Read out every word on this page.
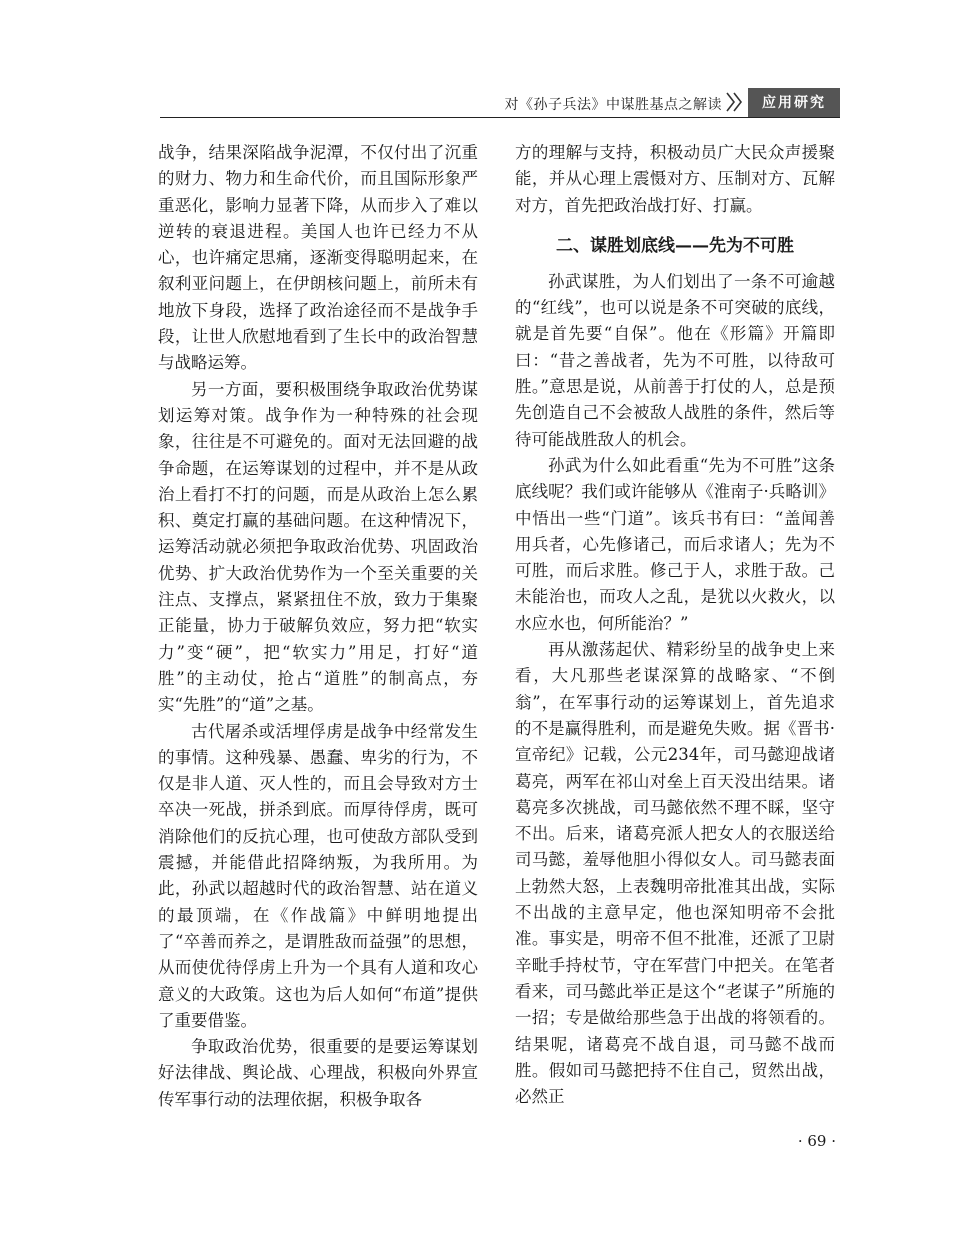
对《孙子兵法》中谋胜基点之解读	应用研究

战争，结果深陷战争泥潭，不仅付出了沉重的财力、物力和生命代价，而且国际形象严重恶化，影响力显著下降，从而步入了难以逆转的衰退进程。美国人也许已经力不从心，也许痛定思痛，逐渐变得聪明起来，在叙利亚问题上，在伊朗核问题上，前所未有地放下身段，选择了政治途径而不是战争手段，让世人欣慰地看到了生长中的政治智慧与战略运筹。

另一方面，要积极围绕争取政治优势谋划运筹对策。战争作为一种特殊的社会现象，往往是不可避免的。面对无法回避的战争命题，在运筹谋划的过程中，并不是从政治上看打不打的问题，而是从政治上怎么累积、奠定打赢的基础问题。在这种情况下，运筹活动就必须把争取政治优势、巩固政治优势、扩大政治优势作为一个至关重要的关注点、支撑点，紧紧扭住不放，致力于集聚正能量，协力于破解负效应，努力把“软实力”变“硬”，把“软实力”用足，打好“道胜”的主动仗，抢占“道胜”的制高点，夯实“先胜”的“道”之基。

古代屠杀或活埋俘虏是战争中经常发生的事情。这种残暴、愚蠢、卑劣的行为，不仅是非人道、灭人性的，而且会导致对方士卒决一死战，拼杀到底。而厚待俘虏，既可消除他们的反抗心理，也可使敌方部队受到震撼，并能借此招降纳叛，为我所用。为此，孙武以超越时代的政治智慧、站在道义的最顶端，在《作战篇》中鲜明地提出了“卒善而养之，是谓胜敌而益强”的思想，从而使优待俘虏上升为一个具有人道和攻心意义的大政策。这也为后人如何“布道”提供了重要借鉴。

争取政治优势，很重要的是要运筹谋划好法律战、舆论战、心理战，积极向外界宣传军事行动的法理依据，积极争取各

方的理解与支持，积极动员广大民众声援聚能，并从心理上震慑对方、压制对方、瓦解对方，首先把政治战打好、打赢。

二、谋胜划底线——先为不可胜

孙武谋胜，为人们划出了一条不可逾越的“红线”，也可以说是条不可突破的底线，就是首先要“自保”。他在《形篇》开篇即曰：“昔之善战者，先为不可胜，以待敌可胜。”意思是说，从前善于打仗的人，总是预先创造自己不会被敌人战胜的条件，然后等待可能战胜敌人的机会。

孙武为什么如此看重“先为不可胜”这条底线呢？我们或许能够从《淮南子·兵略训》中悟出一些“门道”。该兵书有曰：“盖闻善用兵者，心先修诸己，而后求诸人；先为不可胜，而后求胜。修己于人，求胜于敌。己未能治也，而攻人之乱，是犹以火救火，以水应水也，何所能治？”

再从激荡起伏、精彩纷呈的战争史上来看，大凡那些老谋深算的战略家、“不倒翁”，在军事行动的运筹谋划上，首先追求的不是赢得胜利，而是避免失败。据《晋书·宣帝纪》记载，公元234年，司马懿迎战诸葛亮，两军在祁山对垒上百天没出结果。诸葛亮多次挑战，司马懿依然不理不睬，坚守不出。后来，诸葛亮派人把女人的衣服送给司马懿，羞辱他胆小得似女人。司马懿表面上勃然大怒，上表魏明帝批准其出战，实际不出战的主意早定，他也深知明帝不会批准。事实是，明帝不但不批准，还派了卫尉辛毗手持杖节，守在军营门中把关。在笔者看来，司马懿此举正是这个“老谋子”所施的一招；专是做给那些急于出战的将领看的。结果呢，诸葛亮不战自退，司马懿不战而胜。假如司马懿把持不住自己，贸然出战，必然正

· 69 ·
